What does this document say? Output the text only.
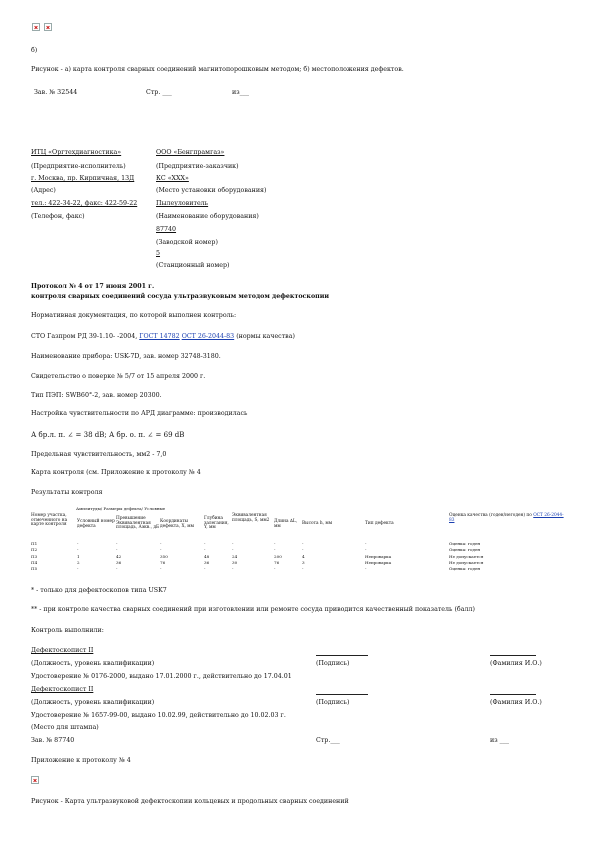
б)
Рисунок - а) карта контроля сварных соединений магнитопорошковым методом; б) местоположения дефектов.
Зав. № 32544	Стр. ___	из___
ИТЦ «Оргтехдиагностика»
(Предприятие-исполнитель)
г. Москва, пр. Кирпичная, 13Д
(Адрес)
тел.: 422-34-22, факс: 422-59-22
(Телефон, факс)
ООО «Бенгпрамгаз»
(Предприятие-заказчик)
КС «XXX»
(Место установки оборудования)
Пылеуловитель
(Наименование оборудования)
87740
(Заводской номер)
5
(Станционный номер)
Протокол № 4 от 17 июня 2001 г.
контроля сварных соединений сосуда ультразвуковым методом дефектоскопии
Нормативная документация, по которой выполнен контроль:
СТО Газпром РД 39-1.10- -2004, ГОСТ 14782 ОСТ 26-2044-83 (нормы качества)
Наименование прибора: USK-7D, зав. номер 32748-3180.
Свидетельство о поверке № 5/7 от 15 апреля 2000 г.
Тип ПЭП: SWB60°-2, зав. номер 20300.
Настройка чувствительности по АРД диаграмме: производилась
А бр.л. п. ∠ = 38 dB; А бр. о. п. ∠ = 69 dB
Предельная чувствительность, мм2 - 7,0
Карта контроля (см. Приложение к протоколу № 4
Результаты контроля
Амплитуды/ Размеры дефекта/ Условные
Номер участка, отмеченного на карте контроля	Условный номер дефекта	Превышение Эквивалентная площадь, Аэкв., дБ	Координаты дефекта, Х, мм	Глубина залегания, Y, мм	Эквивалентная площадь, S, мм2	Длина ∆L, мм	Высота h, мм	Тип дефекта	Оценка качества (годен/негоден) по ОСТ 26-2044-83
П1	-	-	-	-	-	-	-	-	Оценка: годен
П2	-	-	-	-	-	-	-	-	Оценка: годен
П3	1	42	350	48	24	200	4	Непроварка	Не допускается
П4	2	36	76	36	30	76	3	Непроварка	Не допускается
П5	-	-	-	-	-	-	-	-	Оценка: годен
* - только для дефектоскопов типа USK7
** - при контроле качества сварных соединений при изготовлении или ремонте сосуда приводится качественный показатель (балл)
Контроль выполнили:
Дефектоскопист II
(Должность, уровень квалификации)	(Подпись)	(Фамилия И.О.)
Удостоверение № 0176-2000, выдано 17.01.2000 г., действительно до 17.04.01
Дефектоскопист II
(Должность, уровень квалификации)	(Подпись)	(Фамилия И.О.)
Удостоверение № 1657-99-00, выдано 10.02.99, действительно до 10.02.03 г.
(Место для штампа)
Зав. № 87740	Стр.___	из ___
Приложение к протоколу № 4
Рисунок - Карта ультразвуковой дефектоскопии кольцевых и продольных сварных соединений
